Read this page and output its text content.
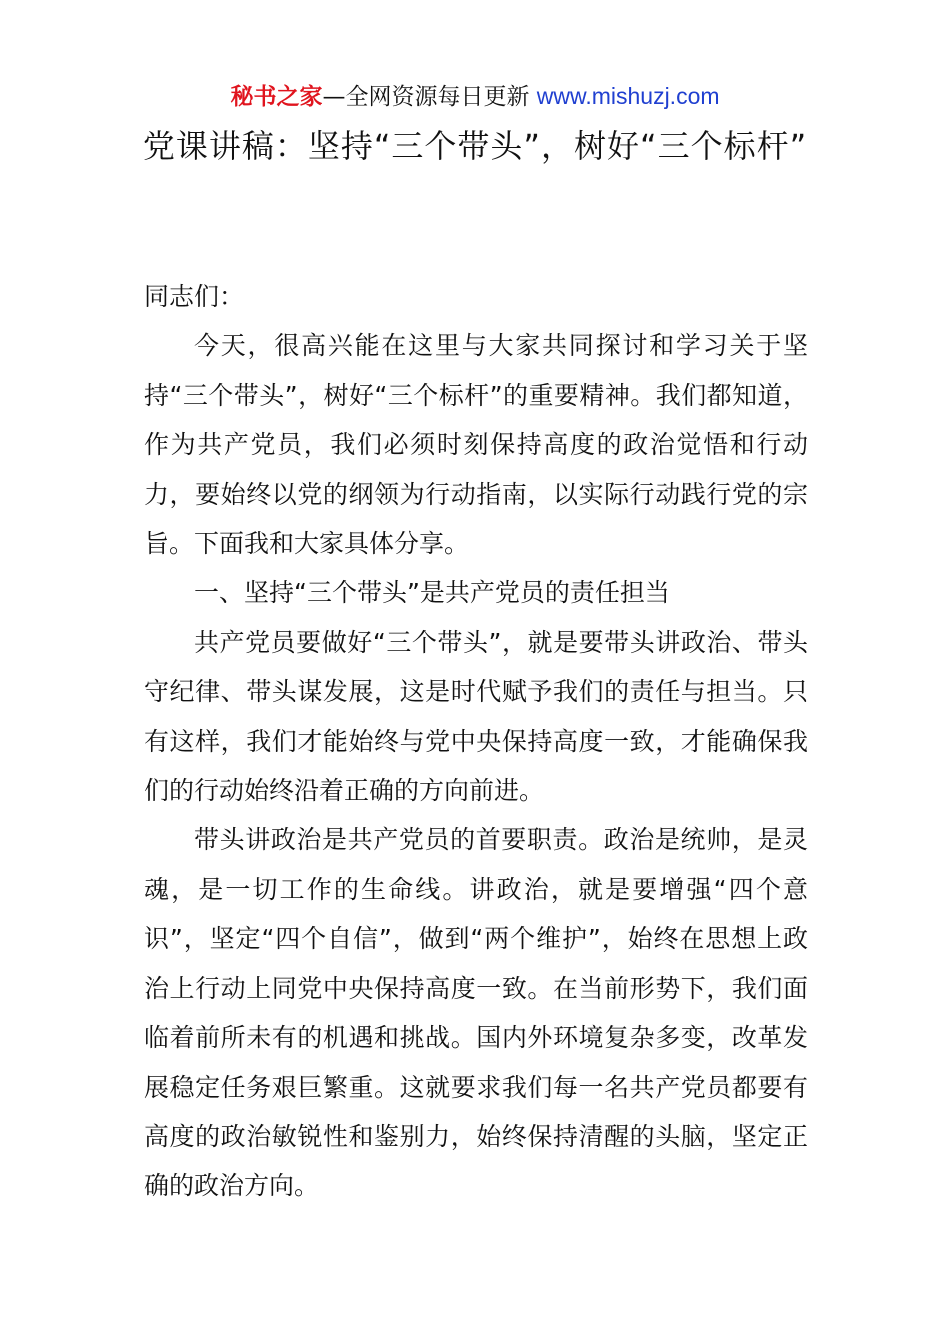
秘书之家—全网资源每日更新 www.mishuzj.com
党课讲稿：坚持“三个带头”，树好“三个标杆”

同志们：

今天，很高兴能在这里与大家共同探讨和学习关于坚持“三个带头”，树好“三个标杆”的重要精神。我们都知道，作为共产党员，我们必须时刻保持高度的政治觉悟和行动力，要始终以党的纲领为行动指南，以实际行动践行党的宗旨。下面我和大家具体分享。

一、坚持“三个带头”是共产党员的责任担当

共产党员要做好“三个带头”，就是要带头讲政治、带头守纪律、带头谋发展，这是时代赋予我们的责任与担当。只有这样，我们才能始终与党中央保持高度一致，才能确保我们的行动始终沿着正确的方向前进。

带头讲政治是共产党员的首要职责。政治是统帅，是灵魂，是一切工作的生命线。讲政治，就是要增强“四个意识”，坚定“四个自信”，做到“两个维护”，始终在思想上政治上行动上同党中央保持高度一致。在当前形势下，我们面临着前所未有的机遇和挑战。国内外环境复杂多变，改革发展稳定任务艰巨繁重。这就要求我们每一名共产党员都要有高度的政治敏锐性和鉴别力，始终保持清醒的头脑，坚定正确的政治方向。
